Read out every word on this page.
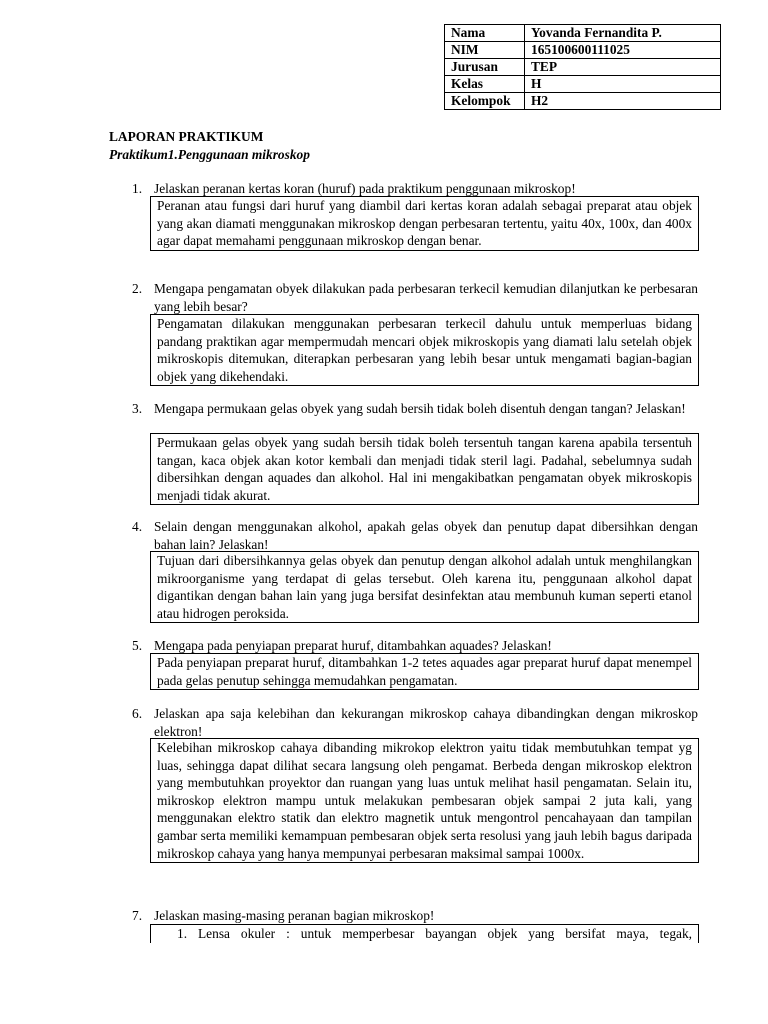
Nama	Yovanda Fernandita P.
NIM	165100600111025
Jurusan	TEP
Kelas	H
Kelompok	H2
LAPORAN PRAKTIKUM
Praktikum1.Penggunaan mikroskop
1. Jelaskan peranan kertas koran (huruf) pada praktikum penggunaan mikroskop!
Peranan atau fungsi dari huruf yang diambil dari kertas koran adalah sebagai preparat atau objek yang akan diamati menggunakan mikroskop dengan perbesaran tertentu, yaitu 40x, 100x, dan 400x agar dapat memahami penggunaan mikroskop dengan benar.
2. Mengapa pengamatan obyek dilakukan pada perbesaran terkecil kemudian dilanjutkan ke perbesaran yang lebih besar?
Pengamatan dilakukan menggunakan perbesaran terkecil dahulu untuk memperluas bidang pandang praktikan agar mempermudah mencari objek mikroskopis yang diamati lalu setelah objek mikroskopis ditemukan, diterapkan perbesaran yang lebih besar untuk mengamati bagian-bagian objek yang dikehendaki.
3. Mengapa permukaan gelas obyek yang sudah bersih tidak boleh disentuh dengan tangan? Jelaskan!
Permukaan gelas obyek yang sudah bersih tidak boleh tersentuh tangan karena apabila tersentuh tangan, kaca objek akan kotor kembali dan menjadi tidak steril lagi. Padahal, sebelumnya sudah dibersihkan dengan aquades dan alkohol. Hal ini mengakibatkan pengamatan obyek mikroskopis menjadi tidak akurat.
4. Selain dengan menggunakan alkohol, apakah gelas obyek dan penutup dapat dibersihkan dengan bahan lain? Jelaskan!
Tujuan dari dibersihkannya gelas obyek dan penutup dengan alkohol adalah untuk menghilangkan mikroorganisme yang terdapat di gelas tersebut. Oleh karena itu, penggunaan alkohol dapat digantikan dengan bahan lain yang juga bersifat desinfektan atau membunuh kuman seperti etanol atau hidrogen peroksida.
5. Mengapa pada penyiapan preparat huruf, ditambahkan aquades? Jelaskan!
Pada penyiapan preparat huruf, ditambahkan 1-2 tetes aquades agar preparat huruf dapat menempel pada gelas penutup sehingga memudahkan pengamatan.
6. Jelaskan apa saja kelebihan dan kekurangan mikroskop cahaya dibandingkan dengan mikroskop elektron!
Kelebihan mikroskop cahaya dibanding mikrokop elektron yaitu tidak membutuhkan tempat yg luas, sehingga dapat dilihat secara langsung oleh pengamat. Berbeda dengan mikroskop elektron yang membutuhkan proyektor dan ruangan yang luas untuk melihat hasil pengamatan. Selain itu, mikroskop elektron mampu untuk melakukan pembesaran objek sampai 2 juta kali, yang menggunakan elektro statik dan elektro magnetik untuk mengontrol pencahayaan dan tampilan gambar serta memiliki kemampuan pembesaran objek serta resolusi yang jauh lebih bagus daripada mikroskop cahaya yang hanya mempunyai perbesaran maksimal sampai 1000x.
7. Jelaskan masing-masing peranan bagian mikroskop!
1. Lensa okuler : untuk memperbesar bayangan objek yang bersifat maya, tegak,
